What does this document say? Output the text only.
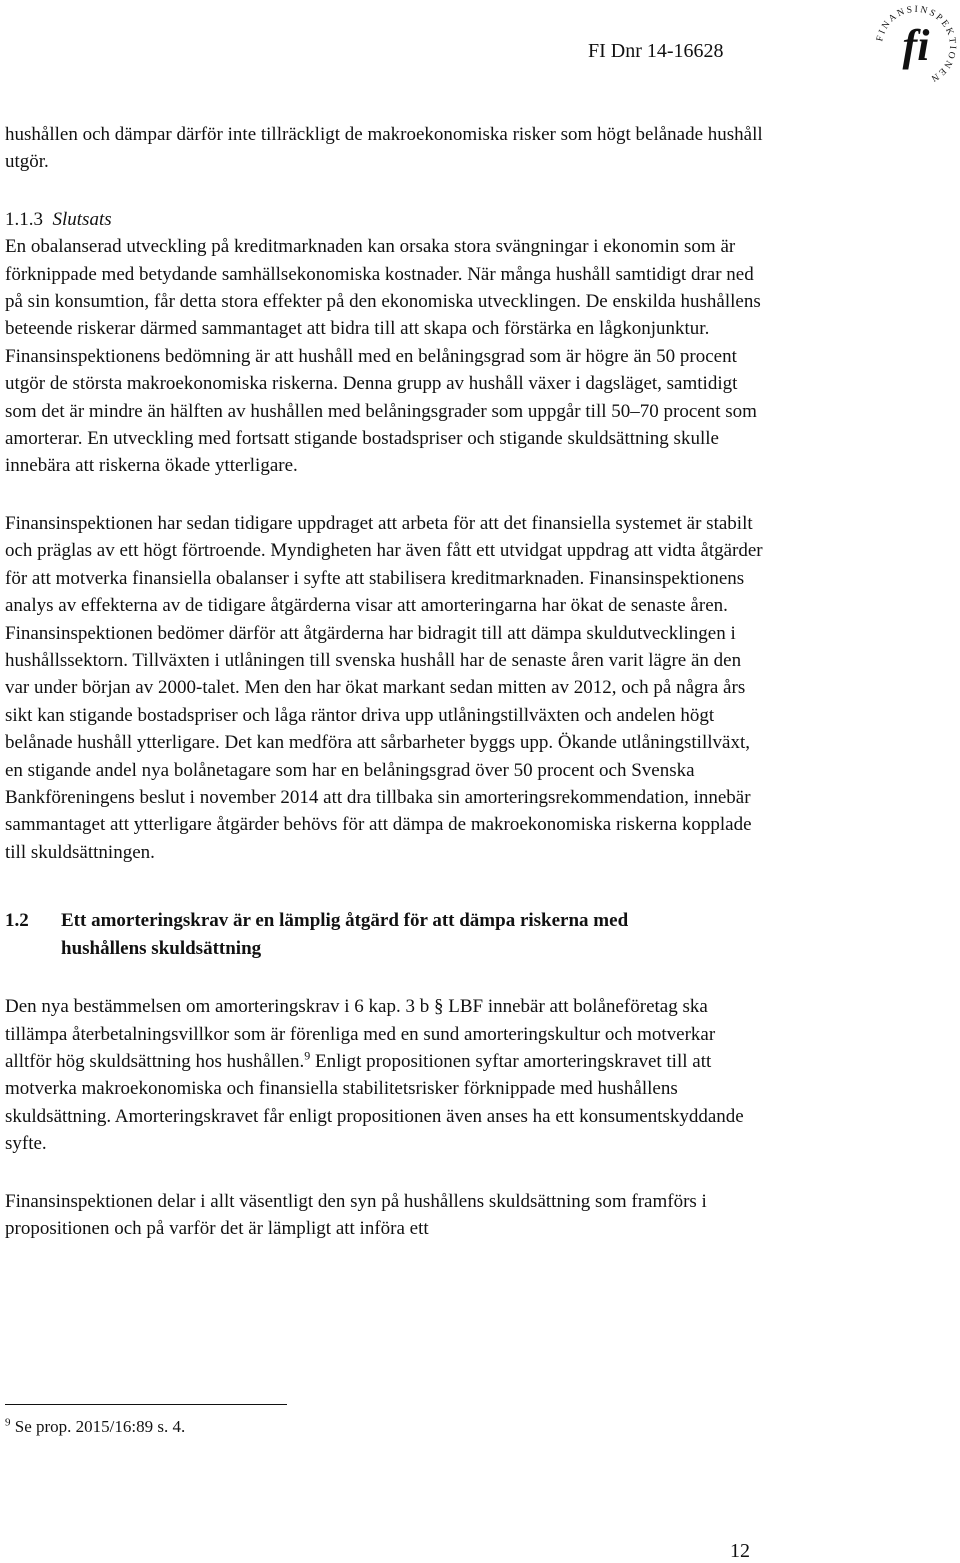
FI Dnr 14-16628
FINANSINSPEKTIONEN
fi

hushållen och dämpar därför inte tillräckligt de makroekonomiska risker som högt belånade hushåll utgör.

1.1.3 Slutsats

En obalanserad utveckling på kreditmarknaden kan orsaka stora svängningar i ekonomin som är förknippade med betydande samhällsekonomiska kostnader. När många hushåll samtidigt drar ned på sin konsumtion, får detta stora effekter på den ekonomiska utvecklingen. De enskilda hushållens beteende riskerar därmed sammantaget att bidra till att skapa och förstärka en lågkonjunktur. Finansinspektionens bedömning är att hushåll med en belåningsgrad som är högre än 50 procent utgör de största makroekonomiska riskerna. Denna grupp av hushåll växer i dagsläget, samtidigt som det är mindre än hälften av hushållen med belåningsgrader som uppgår till 50–70 procent som amorterar. En utveckling med fortsatt stigande bostadspriser och stigande skuldsättning skulle innebära att riskerna ökade ytterligare.

Finansinspektionen har sedan tidigare uppdraget att arbeta för att det finansiella systemet är stabilt och präglas av ett högt förtroende. Myndigheten har även fått ett utvidgat uppdrag att vidta åtgärder för att motverka finansiella obalanser i syfte att stabilisera kreditmarknaden. Finansinspektionens analys av effekterna av de tidigare åtgärderna visar att amorteringarna har ökat de senaste åren. Finansinspektionen bedömer därför att åtgärderna har bidragit till att dämpa skuldutvecklingen i hushållssektorn. Tillväxten i utlåningen till svenska hushåll har de senaste åren varit lägre än den var under början av 2000-talet. Men den har ökat markant sedan mitten av 2012, och på några års sikt kan stigande bostadspriser och låga räntor driva upp utlåningstillväxten och andelen högt belånade hushåll ytterligare. Det kan medföra att sårbarheter byggs upp. Ökande utlåningstillväxt, en stigande andel nya bolånetagare som har en belåningsgrad över 50 procent och Svenska Bankföreningens beslut i november 2014 att dra tillbaka sin amorteringsrekommendation, innebär sammantaget att ytterligare åtgärder behövs för att dämpa de makroekonomiska riskerna kopplade till skuldsättningen.

1.2	Ett amorteringskrav är en lämplig åtgärd för att dämpa riskerna med hushållens skuldsättning

Den nya bestämmelsen om amorteringskrav i 6 kap. 3 b § LBF innebär att bolåneföretag ska tillämpa återbetalningsvillkor som är förenliga med en sund amorteringskultur och motverkar alltför hög skuldsättning hos hushållen.$^9$ Enligt propositionen syftar amorteringskravet till att motverka makroekonomiska och finansiella stabilitetsrisker förknippade med hushållens skuldsättning. Amorteringskravet får enligt propositionen även anses ha ett konsumentskyddande syfte.

Finansinspektionen delar i allt väsentligt den syn på hushållens skuldsättning som framförs i propositionen och på varför det är lämpligt att införa ett

$^9$ Se prop. 2015/16:89 s. 4.
12
